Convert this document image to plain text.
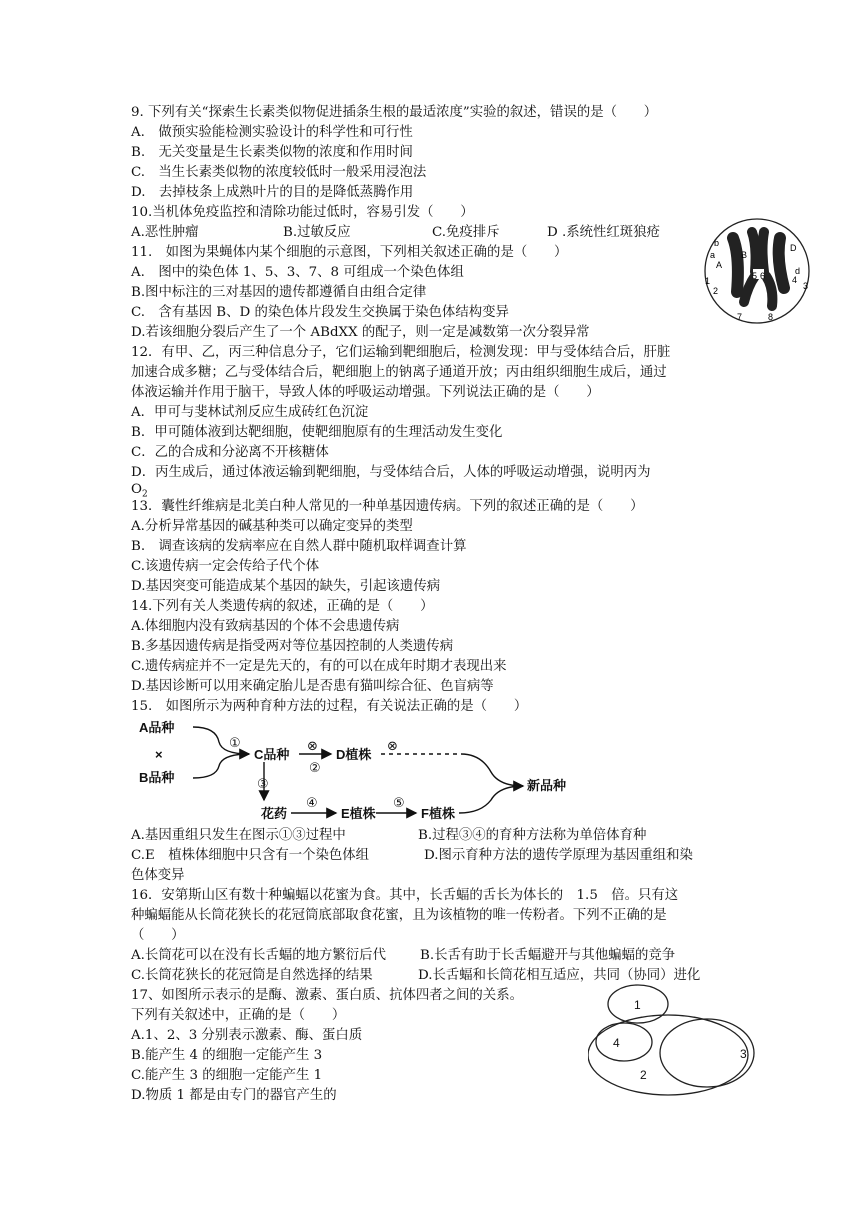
9. 下列有关“探索生长素类似物促进插条生根的最适浓度”实验的叙述，错误的是（　　）
A.　做预实验能检测实验设计的科学性和可行性
B.　无关变量是生长素类似物的浓度和作用时间
C.　当生长素类似物的浓度较低时一般采用浸泡法
D.　去掉枝条上成熟叶片的目的是降低蒸腾作用
10.当机体免疫监控和清除功能过低时，容易引发（　　）
A.恶性肿瘤	B.过敏反应	C.免疫排斥	D .系统性红斑狼疮
11.　如图为果蝇体内某个细胞的示意图，下列相关叙述正确的是（　　）
A.　图中的染色体 1、5、3、7、8 可组成一个染色体组
B.图中标注的三对基因的遗传都遵循自由组合定律
C.　含有基因 B、D 的染色体片段发生交换属于染色体结构变异
D.若该细胞分裂后产生了一个 ABdXX 的配子，则一定是减数第一次分裂异常
a
b
A
B
D
d
1
2	3
4
5 6
7	8
12．有甲、乙，丙三种信息分子，它们运输到靶细胞后，检测发现：甲与受体结合后，肝脏
加速合成多糖；乙与受体结合后，靶细胞上的钠离子通道开放；丙由组织细胞生成后，通过
体液运输并作用于脑干，导致人体的呼吸运动增强。下列说法正确的是（　　）
A．甲可与斐林试剂反应生成砖红色沉淀
B．甲可随体液到达靶细胞，使靶细胞原有的生理活动发生变化
C．乙的合成和分泌离不开核糖体
D．丙生成后，通过体液运输到靶细胞，与受体结合后，人体的呼吸运动增强，说明丙为
$O_2$
13．囊性纤维病是北美白种人常见的一种单基因遗传病。下列的叙述正确的是（　　）
A.分析异常基因的碱基种类可以确定变异的类型
B.　调查该病的发病率应在自然人群中随机取样调查计算
C.该遗传病一定会传给子代个体
D.基因突变可能造成某个基因的缺失，引起该遗传病
14.下列有关人类遗传病的叙述，正确的是（　　）
A.体细胞内没有致病基因的个体不会患遗传病
B.多基因遗传病是指受两对等位基因控制的人类遗传病
C.遗传病症并不一定是先天的，有的可以在成年时期才表现出来
D.基因诊断可以用来确定胎儿是否患有猫叫综合征、色盲病等
15.　如图所示为两种育种方法的过程，有关说法正确的是（　　）
A品种
×
B品种
C品种	D植株
花药	E植株	F植株
新品种
①	⊗
②
⊗
③
④	⑤
A.基因重组只发生在图示①③过程中	B.过程③④的育种方法称为单倍体育种
C.E　植株体细胞中只含有一个染色体组	D.图示育种方法的遗传学原理为基因重组和染
色体变异
16．安第斯山区有数十种蝙蝠以花蜜为食。其中，长舌蝠的舌长为体长的　1.5　倍。只有这
种蝙蝠能从长筒花狭长的花冠筒底部取食花蜜，且为该植物的唯一传粉者。下列不正确的是
（　　）
A.长筒花可以在没有长舌蝠的地方繁衍后代	B.长舌有助于长舌蝠避开与其他蝙蝠的竞争
C.长筒花狭长的花冠筒是自然选择的结果	D.长舌蝠和长筒花相互适应，共同（协同）进化
17、如图所示表示的是酶、激素、蛋白质、抗体四者之间的关系。
下列有关叙述中，正确的是（　　）
A.1、2、3 分别表示激素、酶、蛋白质
B.能产生 4 的细胞一定能产生 3
C.能产生 3 的细胞一定能产生 1
D.物质 1 都是由专门的器官产生的
1
2
3
4
